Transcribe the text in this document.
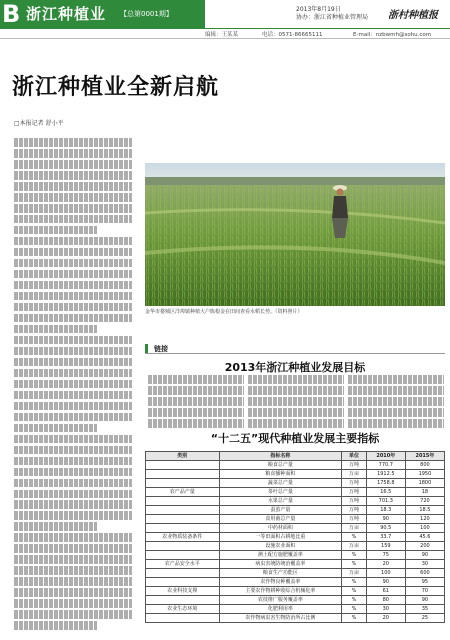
B 浙江种植业 【总第0001期】
2013年8月19日
协办：浙江省种植业管理局 浙村种植报
编辑：王某某	电话：0571-86665111	E-mail：nzbwmh@sohu.com
浙江种植业全新启航
□本报记者 舒小平
金华市婺城区洋埠镇种植大户陈根金在田间查看水稻长势。（资料照片）
链接
2013年浙江种植业发展目标
“十二五”现代种植业发展主要指标
类别	指标名称	单位	2010年	2015年
	粮食总产量	万吨	770.7	800
	粮食播种面积	万亩	1912.5	1950
	蔬菜总产量	万吨	1758.8	1800
农产品产量	茶叶总产量	万吨	16.5	18
	水果总产量	万吨	701.3	720
	蚕茧产量	万吨	18.3	18.5
	食用菌总产量	万吨	90	120
	中药材面积	万亩	90.5	100
农业物质装备条件	一等田面积占耕地比重	%	33.7	45.6
	设施农业面积	万亩	159	200
	测土配方施肥覆盖率	%	75	90
农产品安全水平	病虫害统防统治覆盖率	%	20	30
	粮食生产功能区	万亩	100	600
	农作物良种覆盖率	%	90	95
农业科技支撑	主要农作物耕种收综合机械化率	%	61	70
	农技推广服务覆盖率	%	80	90
农业生态环境	化肥利用率	%	30	35
	农作物病虫害生物防治所占比例	%	20	25
